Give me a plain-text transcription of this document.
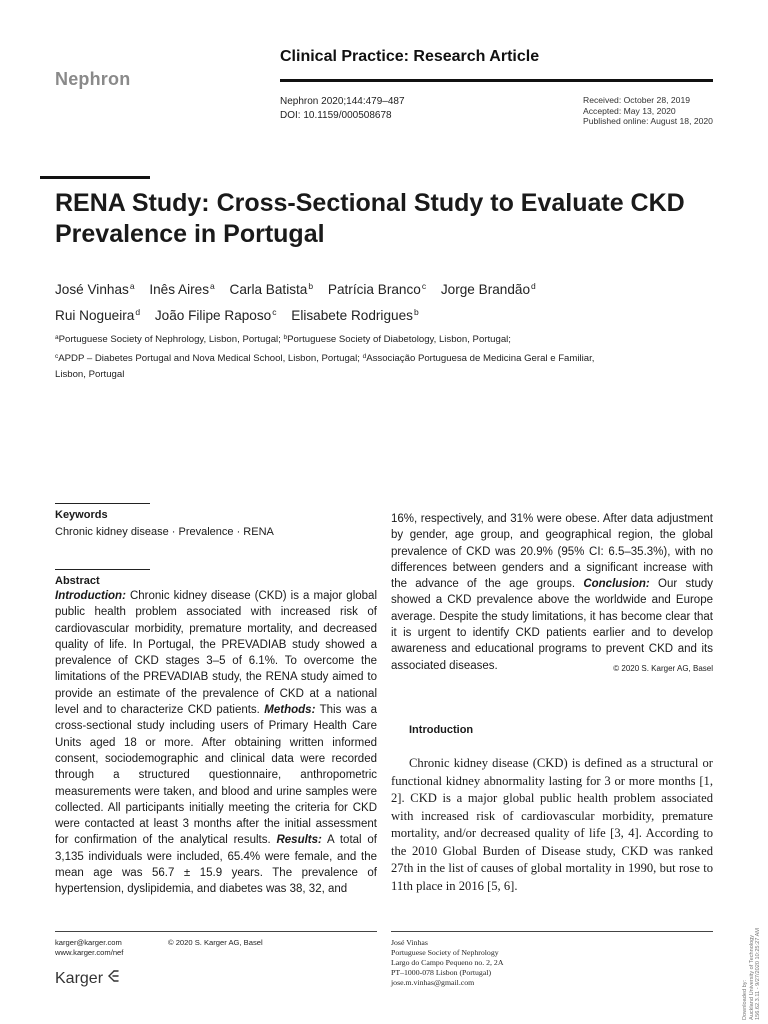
Nephron
Clinical Practice: Research Article
Nephron 2020;144:479–487
DOI: 10.1159/000508678
Received: October 28, 2019
Accepted: May 13, 2020
Published online: August 18, 2020
RENA Study: Cross-Sectional Study to Evaluate CKD Prevalence in Portugal
José Vinhas$^a$ Inês Aires$^a$ Carla Batista$^b$ Patrícia Branco$^c$ Jorge Brandão$^d$
Rui Nogueira$^d$ João Filipe Raposo$^c$ Elisabete Rodrigues$^b$
$^a$Portuguese Society of Nephrology, Lisbon, Portugal; $^b$Portuguese Society of Diabetology, Lisbon, Portugal;
$^c$APDP – Diabetes Portugal and Nova Medical School, Lisbon, Portugal; $^d$Associação Portuguesa de Medicina Geral e Familiar, Lisbon, Portugal
Keywords
Chronic kidney disease · Prevalence · RENA
Abstract

Introduction: Chronic kidney disease (CKD) is a major global public health problem associated with increased risk of cardiovascular morbidity, premature mortality, and decreased quality of life. In Portugal, the PREVADIAB study showed a prevalence of CKD stages 3–5 of 6.1%. To overcome the limitations of the PREVADIAB study, the RENA study aimed to provide an estimate of the prevalence of CKD at a national level and to characterize CKD patients. Methods: This was a cross-sectional study including users of Primary Health Care Units aged 18 or more. After obtaining written informed consent, sociodemographic and clinical data were recorded through a structured questionnaire, anthropometric measurements were taken, and blood and urine samples were collected. All participants initially meeting the criteria for CKD were contacted at least 3 months after the initial assessment for confirmation of the analytical results. Results: A total of 3,135 individuals were included, 65.4% were female, and the mean age was 56.7 ± 15.9 years. The prevalence of hypertension, dyslipidemia, and diabetes was 38, 32, and

16%, respectively, and 31% were obese. After data adjustment by gender, age group, and geographical region, the global prevalence of CKD was 20.9% (95% CI: 6.5–35.3%), with no differences between genders and a significant increase with the advance of the age groups. Conclusion: Our study showed a CKD prevalence above the worldwide and Europe average. Despite the study limitations, it has become clear that it is urgent to identify CKD patients earlier and to develop awareness and educational programs to prevent CKD and its associated diseases.	© 2020 S. Karger AG, Basel

Introduction

Chronic kidney disease (CKD) is defined as a structural or functional kidney abnormality lasting for 3 or more months [1, 2]. CKD is a major global public health problem associated with increased risk of cardiovascular morbidity, premature mortality, and/or decreased quality of life [3, 4]. According to the 2010 Global Burden of Disease study, CKD was ranked 27th in the list of causes of global mortality in 1990, but rose to 11th place in 2016 [5, 6].

karger@karger.com
www.karger.com/nef
© 2020 S. Karger AG, Basel
Karger
José Vinhas
Portuguese Society of Nephrology
Largo do Campo Pequeno no. 2, 2A
PT–1000-078 Lisbon (Portugal)
jose.m.vinhas@gmail.com	Downloaded by: Auckland University of Technology 156.62.3.11 - 9/27/2020 10:25:27 AM
